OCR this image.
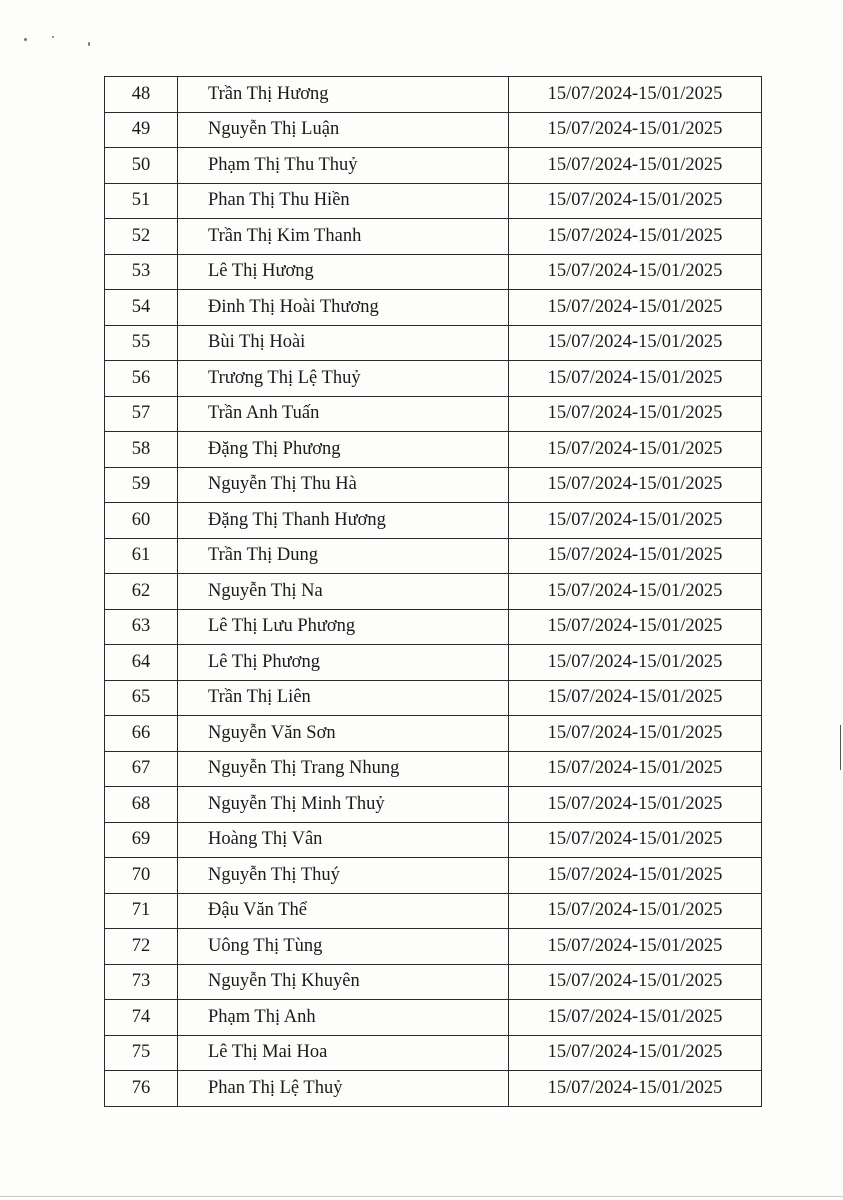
48	Trần Thị Hương	15/07/2024-15/01/2025
49	Nguyễn Thị Luận	15/07/2024-15/01/2025
50	Phạm Thị Thu Thuỷ	15/07/2024-15/01/2025
51	Phan Thị Thu Hiền	15/07/2024-15/01/2025
52	Trần Thị Kim Thanh	15/07/2024-15/01/2025
53	Lê Thị Hương	15/07/2024-15/01/2025
54	Đinh Thị Hoài Thương	15/07/2024-15/01/2025
55	Bùi Thị Hoài	15/07/2024-15/01/2025
56	Trương Thị Lệ Thuỷ	15/07/2024-15/01/2025
57	Trần Anh Tuấn	15/07/2024-15/01/2025
58	Đặng Thị Phương	15/07/2024-15/01/2025
59	Nguyễn Thị Thu Hà	15/07/2024-15/01/2025
60	Đặng Thị Thanh Hương	15/07/2024-15/01/2025
61	Trần Thị Dung	15/07/2024-15/01/2025
62	Nguyễn Thị Na	15/07/2024-15/01/2025
63	Lê Thị Lưu Phương	15/07/2024-15/01/2025
64	Lê Thị Phương	15/07/2024-15/01/2025
65	Trần Thị Liên	15/07/2024-15/01/2025
66	Nguyễn Văn Sơn	15/07/2024-15/01/2025
67	Nguyễn Thị Trang Nhung	15/07/2024-15/01/2025
68	Nguyễn Thị Minh Thuỷ	15/07/2024-15/01/2025
69	Hoàng Thị Vân	15/07/2024-15/01/2025
70	Nguyễn Thị Thuý	15/07/2024-15/01/2025
71	Đậu Văn Thể	15/07/2024-15/01/2025
72	Uông Thị Tùng	15/07/2024-15/01/2025
73	Nguyễn Thị Khuyên	15/07/2024-15/01/2025
74	Phạm Thị Anh	15/07/2024-15/01/2025
75	Lê Thị Mai Hoa	15/07/2024-15/01/2025
76	Phan Thị Lệ Thuỷ	15/07/2024-15/01/2025
